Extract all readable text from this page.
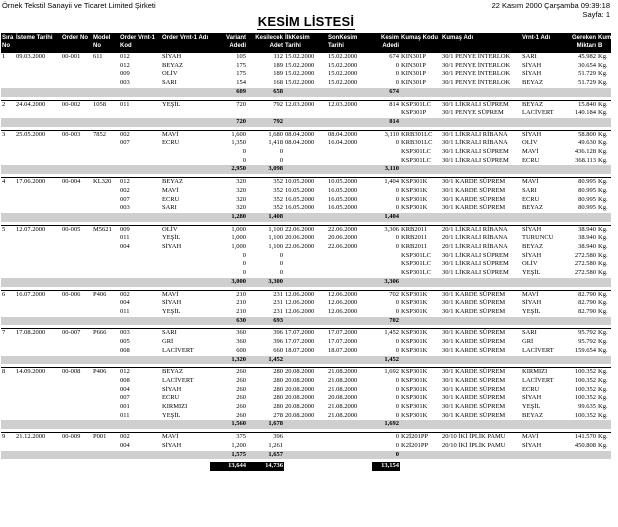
Örnek Tekstil Sanayii ve Ticaret Limited Şirketi	22 Kasım 2000 Çarşamba 09:39:18
Sayfa: 1
KESİM LİSTESİ
Sıra No	İsteme Tarihi	Order No	Model No	Order Vrnt-1 Kod	Order Vrnt-1 Adı	Variant Adedi	Kesilecek Adet	İlkKesim Tarihi	SonKesim Tarihi	Kesim Adedi	Kumaş Kodu	Kumaş Adı	Vrnt-1 Adı	Gereken Miktarı	Kumaş B
1	09.03.2000	00-001	611	012	SİYAH	105	112	15.02.2000	15.02.2000	674	KIN301P	30/1 PENYE İNTERLOK	SARI	45.982	Kg.
				012	BEYAZ	175	189	15.02.2000	15.02.2000	0	KIN301P	30/1 PENYE İNTERLOK	SİYAH	30.654	Kg.
				009	OLİV	175	189	15.02.2000	15.02.2000	0	KIN301P	30/1 PENYE İNTERLOK	SİYAH	51.729	Kg.
				003	SARI	154	168	15.02.2000	15.02.2000	0	KIN301P	30/1 PENYE İNTERLOK	BEYAZ	51.729	Kg.
						609	658			674					

2	24.04.2000	00-002	1058	011	YEŞİL	720	792	12.03.2000	12.03.2000	814	KSP301LC	30/1 LİKRALI SÜPREM	BEYAZ	15.840	Kg.
											KSP301P	30/1 PENYE SÜPREM	LACİVERT	140.184	Kg.
						720	792			814					

3	25.05.2000	00-003	7852	002	MAVİ	1,600	1,680	08.04.2000	08.04.2000	3,110	KRB301LC	30/1 LİKRALI RİBANA	SİYAH	58.800	Kg.
				007	ECRU	1,350	1,418	08.04.2000	16.04.2000	0	KRB301LC	30/1 LİKRALI RİBANA	OLİV	49.630	Kg.
						0	0				KSP301LC	30/1 LİKRALI SÜPREM	MAVİ	436.128	Kg.
						0	0				KSP301LC	30/1 LİKRALI SÜPREM	ECRU	368.113	Kg.
						2,950	3,098			3,110					

4	17.06.2000	00-004	KL320	012	BEYAZ	320	352	10.05.2000	10.05.2000	1,404	KSP301K	30/1 KARDE SÜPREM	MAVİ	80.995	Kg.
				002	MAVİ	320	352	10.05.2000	16.05.2000	0	KSP301K	30/1 KARDE SÜPREM	SARI	80.995	Kg.
				007	ECRU	320	352	16.05.2000	16.05.2000	0	KSP301K	30/1 KARDE SÜPREM	ECRU	80.995	Kg.
				003	SARI	320	352	16.05.2000	16.05.2000	0	KSP301K	30/1 KARDE SÜPREM	BEYAZ	80.995	Kg.
						1,280	1,408			1,404					

5	12.07.2000	00-005	M5621	009	OLİV	1,000	1,100	22.06.2000	22.06.2000	3,306	KRB2011	20/1 LİKRALI RİBANA	SİYAH	38.940	Kg.
				011	YEŞİL	1,000	1,100	20.06.2000	20.06.2000	0	KRB2011	20/1 LİKRALI RİBANA	TURUNCU	38.940	Kg.
				004	SİYAH	1,000	1,100	22.06.2000	22.06.2000	0	KRB2011	20/1 LİKRALI RİBANA	BEYAZ	38.940	Kg.
						0	0				KSP301LC	30/1 LİKRALI SÜPREM	SİYAH	272.580	Kg.
						0	0				KSP301LC	30/1 LİKRALI SÜPREM	OLİV	272.580	Kg.
						0	0				KSP301LC	30/1 LİKRALI SÜPREM	YEŞİL	272.580	Kg.
						3,000	3,300			3,306					

6	16.07.2000	00-006	P406	002	MAVİ	210	231	12.06.2000	12.06.2000	702	KSP301K	30/1 KARDE SÜPREM	MAVİ	82.790	Kg.
				004	SİYAH	210	231	12.06.2000	12.06.2000	0	KSP301K	30/1 KARDE SÜPREM	SİYAH	82.790	Kg.
				011	YEŞİL	210	231	12.06.2000	12.06.2000	0	KSP301K	30/1 KARDE SÜPREM	YEŞİL	82.790	Kg.
						630	693			702					

7	17.08.2000	00-007	P666	003	SARI	360	396	17.07.2000	17.07.2000	1,452	KSP301K	30/1 KARDE SÜPREM	SARI	95.792	Kg.
				005	GRİ	360	396	17.07.2000	17.07.2000	0	KSP301K	30/1 KARDE SÜPREM	GRİ	95.792	Kg.
				008	LACİVERT	600	660	18.07.2000	18.07.2000	0	KSP301K	30/1 KARDE SÜPREM	LACİVERT	159.654	Kg.
						1,320	1,452			1,452					

8	14.09.2000	00-008	P406	012	BEYAZ	260	280	20.08.2000	21.08.2000	1,692	KSP301K	30/1 KARDE SÜPREM	KIRMIZI	100.352	Kg.
				008	LACİVERT	260	280	20.08.2000	21.08.2000	0	KSP301K	30/1 KARDE SÜPREM	LACİVERT	100.352	Kg.
				004	SİYAH	260	280	20.08.2000	21.08.2000	0	KSP301K	30/1 KARDE SÜPREM	ECRU	100.352	Kg.
				007	ECRU	260	280	20.08.2000	20.08.2000	0	KSP301K	30/1 KARDE SÜPREM	SİYAH	100.352	Kg.
				001	KIRMIZI	260	280	20.08.2000	21.08.2000	0	KSP301K	30/1 KARDE SÜPREM	YEŞİL	99.635	Kg.
				011	YEŞİL	260	278	20.08.2000	21.08.2000	0	KSP301K	30/1 KARDE SÜPREM	BEYAZ	100.352	Kg.
						1,560	1,678			1,692					

9	21.12.2000	00-009	P001	002	MAVİ	375	396			0	K2İ201PP	20/10 İKİ İPLİK PAMU	MAVİ	141.570	Kg.
				004	SİYAH	1,200	1,261			0	K2İ201PP	20/10 İKİ İPLİK PAMU	SİYAH	450.808	Kg.
						1,575	1,657			0					

						13,644	14,736			13,154					
